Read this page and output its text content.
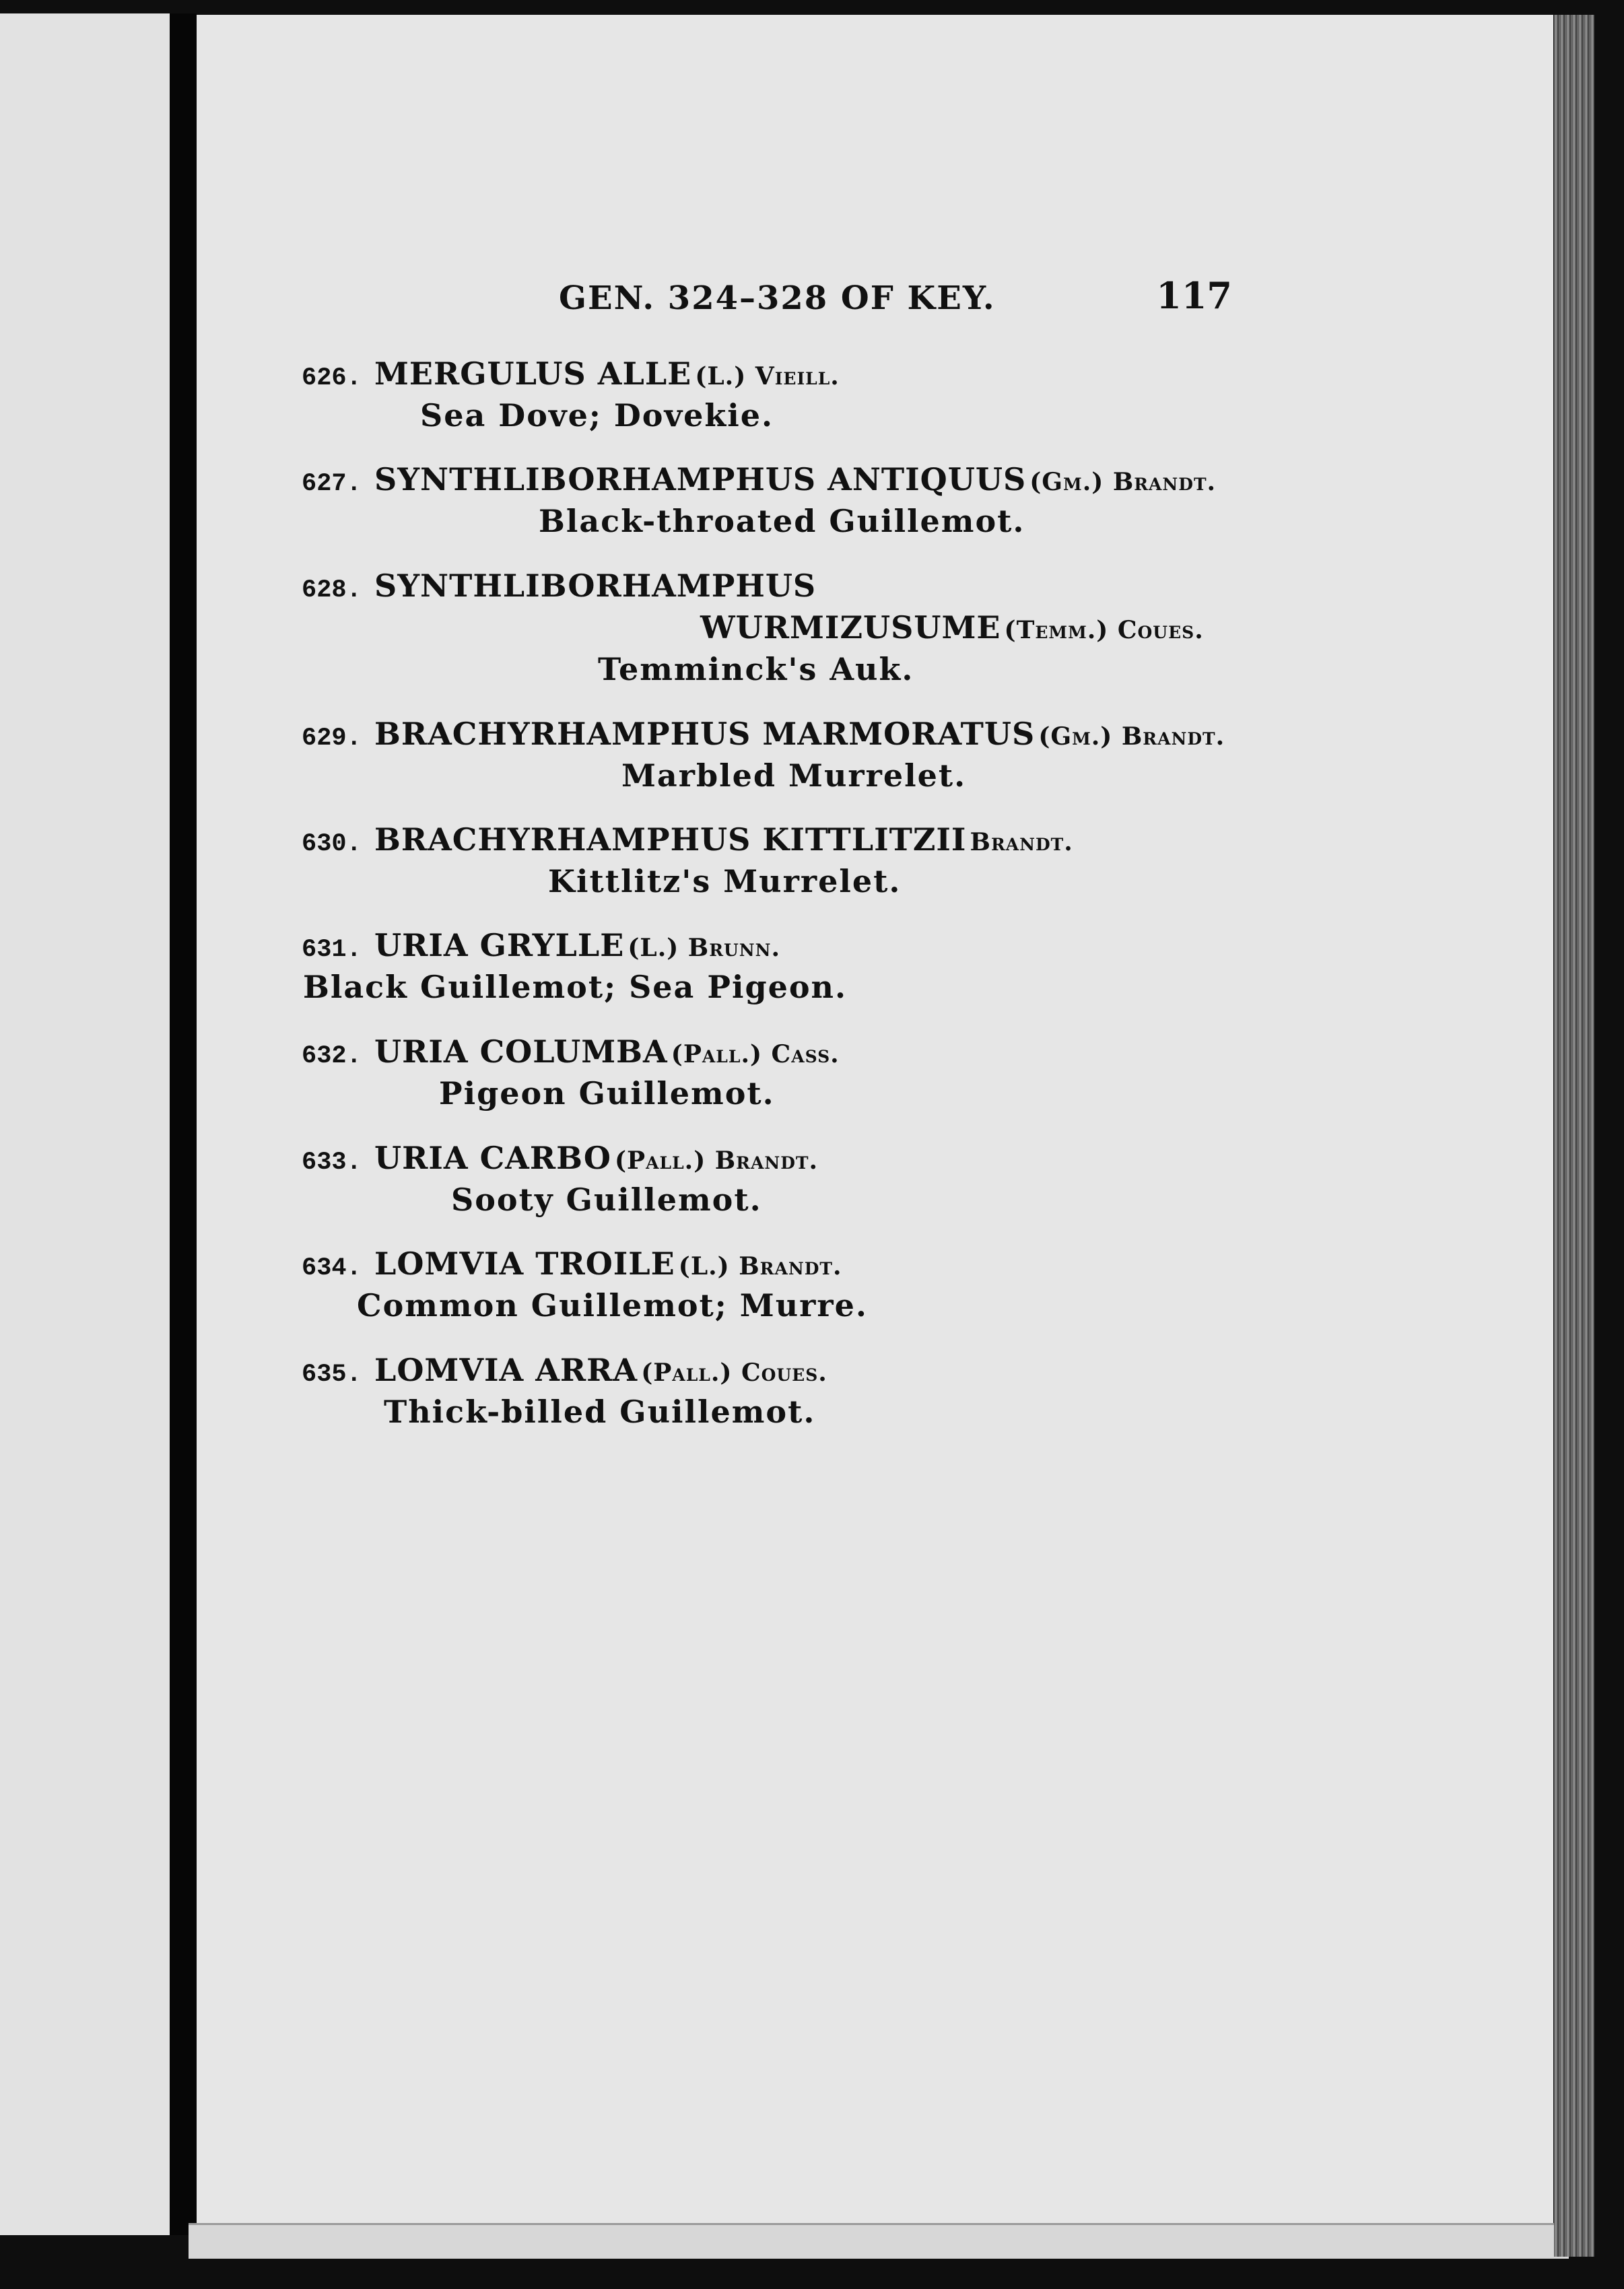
GEN. 324–328 OF KEY.	117
626. MERGULUS ALLE (L.) Vieill.
Sea Dove; Dovekie.
627. SYNTHLIBORHAMPHUS ANTIQUUS (Gm.) Brandt.
Black-throated Guillemot.
628. SYNTHLIBORHAMPHUS
WURMIZUSUME (Temm.) Coues.
Temminck's Auk.
629. BRACHYRHAMPHUS MARMORATUS (Gm.) Brandt.
Marbled Murrelet.
630. BRACHYRHAMPHUS KITTLITZII Brandt.
Kittlitz's Murrelet.
631. URIA GRYLLE (L.) Brunn.
Black Guillemot; Sea Pigeon.
632. URIA COLUMBA (Pall.) Cass.
Pigeon Guillemot.
633. URIA CARBO (Pall.) Brandt.
Sooty Guillemot.
634. LOMVIA TROILE (L.) Brandt.
Common Guillemot; Murre.
635. LOMVIA ARRA (Pall.) Coues.
Thick-billed Guillemot.
